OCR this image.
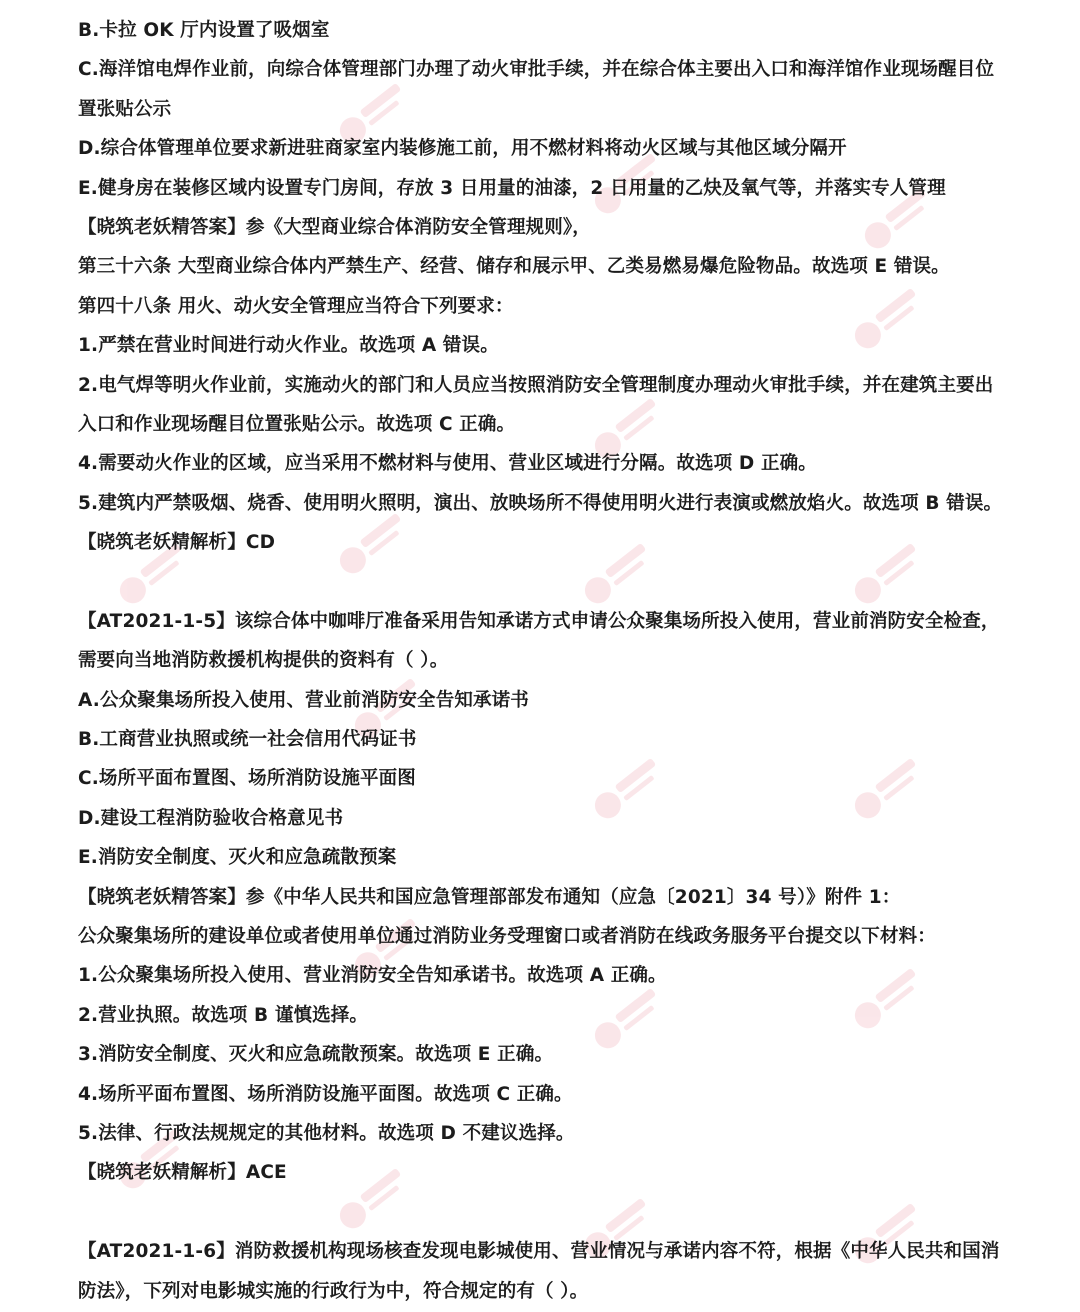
B.卡拉 OK 厅内设置了吸烟室
C.海洋馆电焊作业前，向综合体管理部门办理了动火审批手续，并在综合体主要出入口和海洋馆作业现场醒目位
置张贴公示
D.综合体管理单位要求新进驻商家室内装修施工前，用不燃材料将动火区域与其他区域分隔开
E.健身房在装修区域内设置专门房间，存放 3 日用量的油漆，2 日用量的乙炔及氧气等，并落实专人管理
【晓筑老妖精答案】参《大型商业综合体消防安全管理规则》，
第三十六条 大型商业综合体内严禁生产、经营、储存和展示甲、乙类易燃易爆危险物品。故选项 E 错误。
第四十八条 用火、动火安全管理应当符合下列要求：
1.严禁在营业时间进行动火作业。故选项 A 错误。
2.电气焊等明火作业前，实施动火的部门和人员应当按照消防安全管理制度办理动火审批手续，并在建筑主要出
入口和作业现场醒目位置张贴公示。故选项 C 正确。
4.需要动火作业的区域，应当采用不燃材料与使用、营业区域进行分隔。故选项 D 正确。
5.建筑内严禁吸烟、烧香、使用明火照明，演出、放映场所不得使用明火进行表演或燃放焰火。故选项 B 错误。
【晓筑老妖精解析】CD
【AT2021-1-5】该综合体中咖啡厅准备采用告知承诺方式申请公众聚集场所投入使用，营业前消防安全检查，
需要向当地消防救援机构提供的资料有（ ）。
A.公众聚集场所投入使用、营业前消防安全告知承诺书
B.工商营业执照或统一社会信用代码证书
C.场所平面布置图、场所消防设施平面图
D.建设工程消防验收合格意见书
E.消防安全制度、灭火和应急疏散预案
【晓筑老妖精答案】参《中华人民共和国应急管理部部发布通知（应急〔2021〕34 号）》附件 1：
公众聚集场所的建设单位或者使用单位通过消防业务受理窗口或者消防在线政务服务平台提交以下材料：
1.公众聚集场所投入使用、营业消防安全告知承诺书。故选项 A 正确。
2.营业执照。故选项 B 谨慎选择。
3.消防安全制度、灭火和应急疏散预案。故选项 E 正确。
4.场所平面布置图、场所消防设施平面图。故选项 C 正确。
5.法律、行政法规规定的其他材料。故选项 D 不建议选择。
【晓筑老妖精解析】ACE
【AT2021-1-6】消防救援机构现场核查发现电影城使用、营业情况与承诺内容不符，根据《中华人民共和国消
防法》，下列对电影城实施的行政行为中，符合规定的有（ ）。
